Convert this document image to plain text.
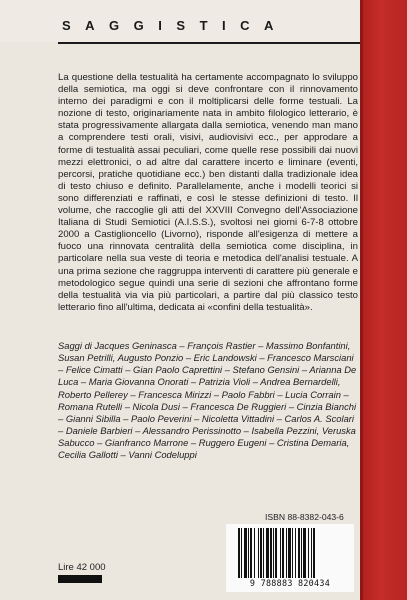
SAGGISTICA

La questione della testualità ha certamente accompagnato lo sviluppo della semiotica, ma oggi si deve confrontare con il rinnovamento interno dei paradigmi e con il moltiplicarsi delle forme testuali. La nozione di testo, originariamente nata in ambito filologico letterario, è stata progressivamente allargata dalla semiotica, venendo man mano a comprendere testi orali, visivi, audiovisivi ecc., per approdare a forme di testualità assai peculiari, come quelle rese possibili dai nuovi mezzi elettronici, o ad altre dal carattere incerto e liminare (eventi, percorsi, pratiche quotidiane ecc.) ben distanti dalla tradizionale idea di testo chiuso e definito. Parallelamente, anche i modelli teorici si sono differenziati e raffinati, e così le stesse definizioni di testo. Il volume, che raccoglie gli atti del XXVIII Convegno dell'Associazione Italiana di Studi Semiotici (A.I.S.S.), svoltosi nei giorni 6-7-8 ottobre 2000 a Castiglioncello (Livorno), risponde all'esigenza di mettere a fuoco una rinnovata centralità della semiotica come disciplina, in particolare nella sua veste di teoria e metodica dell'analisi testuale. A una prima sezione che raggruppa interventi di carattere più generale e metodologico segue quindi una serie di sezioni che affrontano forme della testualità via via più particolari, a partire dal più classico testo letterario fino all'ultima, dedicata ai «confini della testualità».

Saggi di Jacques Geninasca – François Rastier – Massimo Bonfantini, Susan Petrilli, Augusto Ponzio – Eric Landowski – Francesco Marsciani – Felice Cimatti – Gian Paolo Caprettini – Stefano Gensini – Arianna De Luca – Maria Giovanna Onorati – Patrizia Violi – Andrea Bernardelli, Roberto Pellerey – Francesca Mirizzi – Paolo Fabbri – Lucia Corrain – Romana Rutelli – Nicola Dusi – Francesca De Ruggieri – Cinzia Bianchi – Gianni Sibilla – Paolo Peverini – Nicoletta Vittadini – Carlos A. Scolari – Daniele Barbieri – Alessandro Perissinotto – Isabella Pezzini, Veruska Sabucco – Gianfranco Marrone – Ruggero Eugeni – Cristina Demaria, Cecilia Gallotti – Vanni Codeluppi

ISBN 88-8382-043-6
9 788883 820434
Lire 42 000
